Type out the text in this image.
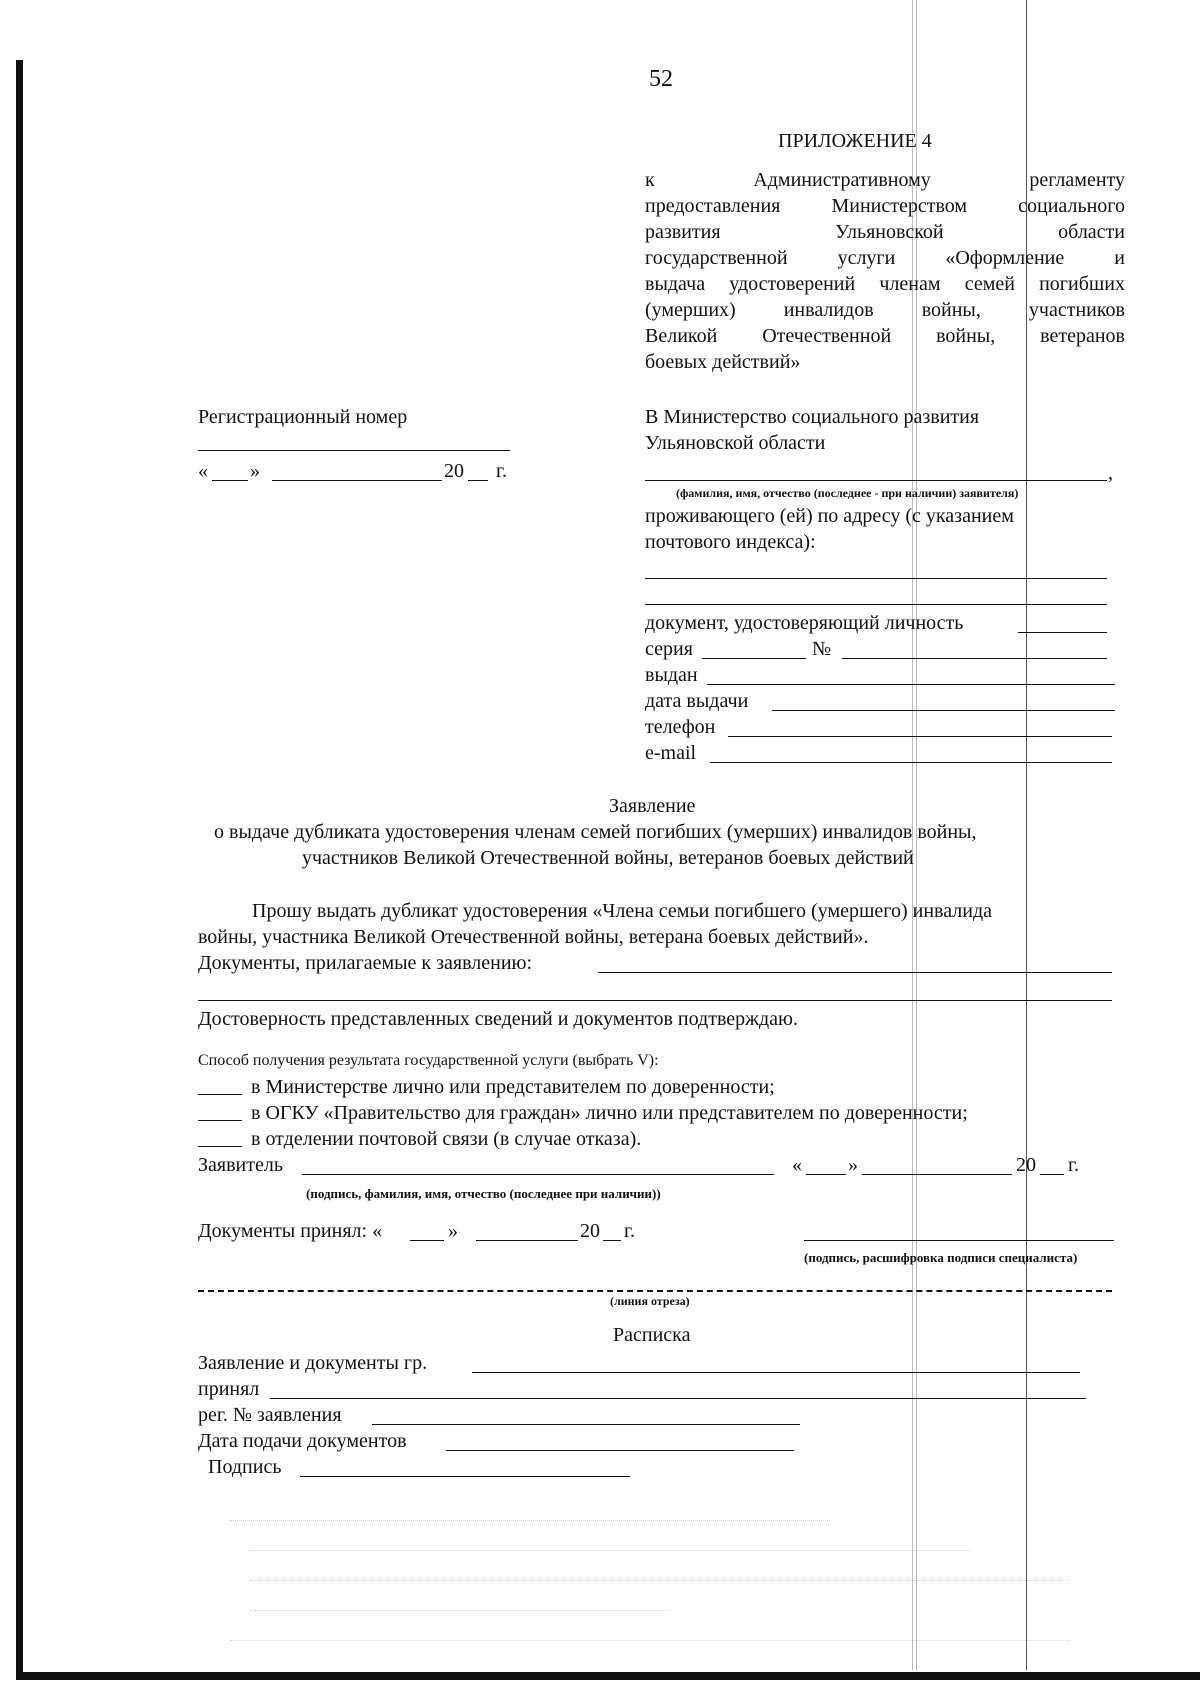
52
ПРИЛОЖЕНИЕ 4
к Административному регламенту
предоставления Министерством социального
развития Ульяновской области
государственной услуги «Оформление и
выдача удостоверений членам семей погибших
(умерших) инвалидов войны, участников
Великой Отечественной войны, ветеранов
боевых действий»
Регистрационный номер
« »	20 г.
В Министерство социального развития
Ульяновской области
,
(фамилия, имя, отчество (последнее - при наличии) заявителя)
проживающего (ей) по адресу (с указанием
почтового индекса):
документ, удостоверяющий личность
серия	№
выдан
дата выдачи
телефон
e-mail
Заявление
о выдаче дубликата удостоверения членам семей погибших (умерших) инвалидов войны,
участников Великой Отечественной войны, ветеранов боевых действий
Прошу выдать дубликат удостоверения «Члена семьи погибшего (умершего) инвалида
войны, участника Великой Отечественной войны, ветерана боевых действий».
Документы, прилагаемые к заявлению:
Достоверность представленных сведений и документов подтверждаю.
Способ получения результата государственной услуги (выбрать V):
в Министерстве лично или представителем по доверенности;
в ОГКУ «Правительство для граждан» лично или представителем по доверенности;
в отделении почтовой связи (в случае отказа).
Заявитель	« »	20 г.
(подпись, фамилия, имя, отчество (последнее при наличии))
Документы принял: «	»	20 г.
(подпись, расшифровка подписи специалиста)
(линия отреза)
Расписка
Заявление и документы гр.
принял
рег. № заявления
Дата подачи документов
Подпись
